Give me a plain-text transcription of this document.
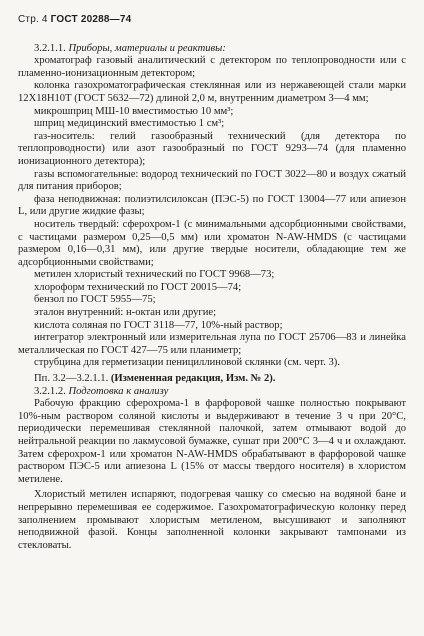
Стр. 4 ГОСТ 20288—74

3.2.1.1. Приборы, материалы и реактивы:

хроматограф газовый аналитический с детектором по теплопроводности или с пламенно-ионизационным детектором;

колонка газохроматографическая стеклянная или из нержавеющей стали марки 12Х18Н10Т (ГОСТ 5632—72) длиной 2,0 м, внутренним диаметром 3—4 мм;

микрошприц МШ-10 вместимостью 10 мм³;

шприц медицинский вместимостью 1 см³;

газ-носитель: гелий газообразный технический (для детектора по теплопроводности) или азот газообразный по ГОСТ 9293—74 (для пламенно ионизационного детектора);

газы вспомогательные: водород технический по ГОСТ 3022—80 и воздух сжатый для питания приборов;

фаза неподвижная: полиэтилсилоксан (ПЭС-5) по ГОСТ 13004—77 или апиезон L, или другие жидкие фазы;

носитель твердый: сферохром-1 (с минимальными адсорбционными свойствами, с частицами размером 0,25—0,5 мм) или хроматон N-AW-HMDS (с частицами размером 0,16—0,31 мм), или другие твердые носители, обладающие тем же адсорбционными свойствами;

метилен хлористый технический по ГОСТ 9968—73;

хлороформ технический по ГОСТ 20015—74;

бензол по ГОСТ 5955—75;

эталон внутренний: н-октан или другие;

кислота соляная по ГОСТ 3118—77, 10%-ный раствор;

интегратор электронный или измерительная лупа по ГОСТ 25706—83 и линейка металлическая по ГОСТ 427—75 или планиметр;

струбцина для герметизации пенициллиновой склянки (см. черт. 3).

Пп. 3.2—3.2.1.1. (Измененная редакция, Изм. № 2).

3.2.1.2. Подготовка к анализу

Рабочую фракцию сферохрома-1 в фарфоровой чашке полностью покрывают 10%-ным раствором соляной кислоты и выдерживают в течение 3 ч при 20°С, периодически перемешивая стеклянной палочкой, затем отмывают водой до нейтральной реакции по лакмусовой бумажке, сушат при 200°С 3—4 ч и охлаждают. Затем сферохром-1 или хроматон N-AW-HMDS обрабатывают в фарфоровой чашке раствором ПЭС-5 или апиезона L (15% от массы твердого носителя) в хлористом метилене.

Хлористый метилен испаряют, подогревая чашку со смесью на водяной бане и непрерывно перемешивая ее содержимое. Газохроматографическую колонку перед заполнением промывают хлористым метиленом, высушивают и заполняют неподвижной фазой. Концы заполненной колонки закрывают тампонами из стекловаты.
